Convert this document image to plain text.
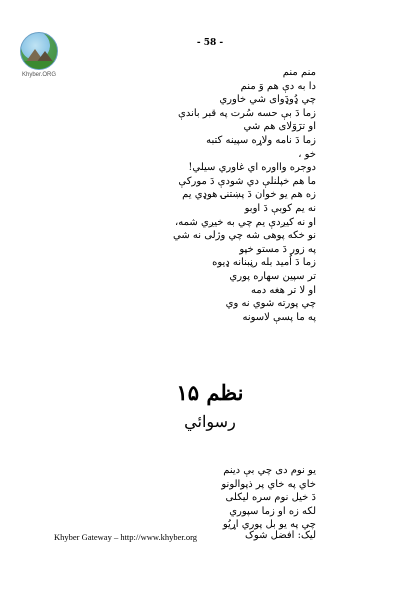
Khyber.ORG
- 58 -
منم منم
دا به دې هم وَ منم
چي ډُوډَوای شي خاوري
زما دَ بې حسه سُرت په قبر باندې
او ترَوَلای هم شي
زما دَ نامه ولاړه سپينه کتبه
خو ،
دوجره وااوره اي غاوري سيلي!
ما هم خپلنلې دي شودې دَ مورکې
زه هم يو خوان دَ پښتنۍ هوډي يم
نه يم کوبې دَ اوبو
او نه کيږدې يم چي به خيږي شمه،
نو خکه پوهى شه چي وژلى نه شي
په زور دَ مستو خپو
زما دَ اُميد بله رڼبنانه ډيوه
تر سپين سهاره پوري
او لا تر هغه دمه
چي پورته شوي نه وي
په ما پسې لاسونه
نظم ۱۵
رسوائي
يو نوم دى چي بې دينم
خاي په خاي پر ذپوالونو
دَ خيل نوم سره ليکلى
لکه زه او زما سپوري
چي په يو بل پوري اړيُو
Khyber Gateway – http://www.khyber.org	ليک: افضل شوک
